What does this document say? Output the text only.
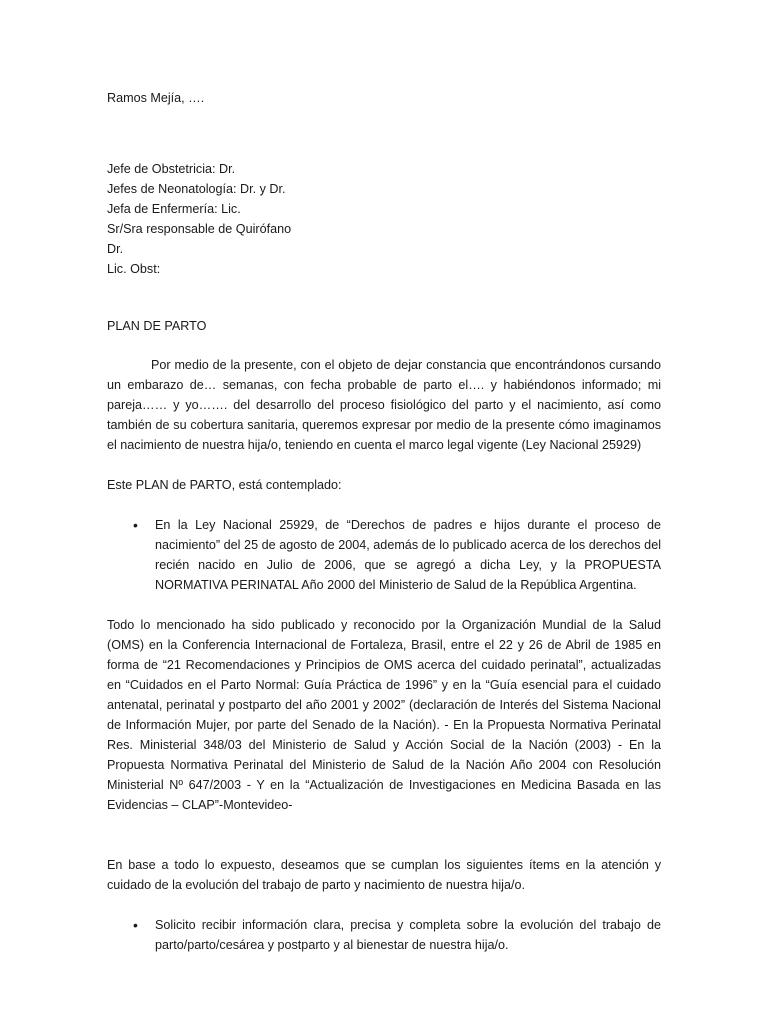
Ramos Mejía, ….
Jefe de Obstetricia: Dr.
Jefes de Neonatología: Dr. y Dr.
Jefa de Enfermería: Lic.
Sr/Sra responsable de Quirófano
Dr.
Lic. Obst:
PLAN DE PARTO

Por medio de la presente, con el objeto de dejar constancia que encontrándonos cursando un embarazo de… semanas, con fecha probable de parto el…. y habiéndonos informado; mi pareja…… y yo……. del desarrollo del proceso fisiológico del parto y el nacimiento, así como también de su cobertura sanitaria, queremos expresar por medio de la presente cómo imaginamos el nacimiento de nuestra hija/o, teniendo en cuenta el marco legal vigente (Ley Nacional 25929)

Este PLAN de PARTO, está contemplado:

• En la Ley Nacional 25929, de “Derechos de padres e hijos durante el proceso de nacimiento” del 25 de agosto de 2004, además de lo publicado acerca de los derechos del recién nacido en Julio de 2006, que se agregó a dicha Ley, y la PROPUESTA NORMATIVA PERINATAL Año 2000 del Ministerio de Salud de la República Argentina.

Todo lo mencionado ha sido publicado y reconocido por la Organización Mundial de la Salud (OMS) en la Conferencia Internacional de Fortaleza, Brasil, entre el 22 y 26 de Abril de 1985 en forma de “21 Recomendaciones y Principios de OMS acerca del cuidado perinatal”, actualizadas en “Cuidados en el Parto Normal: Guía Práctica de 1996” y en la “Guía esencial para el cuidado antenatal, perinatal y postparto del año 2001 y 2002” (declaración de Interés del Sistema Nacional de Información Mujer, por parte del Senado de la Nación). - En la Propuesta Normativa Perinatal Res. Ministerial 348/03 del Ministerio de Salud y Acción Social de la Nación (2003) - En la Propuesta Normativa Perinatal del Ministerio de Salud de la Nación Año 2004 con Resolución Ministerial Nº 647/2003 - Y en la “Actualización de Investigaciones en Medicina Basada en las Evidencias – CLAP”-Montevideo-

En base a todo lo expuesto, deseamos que se cumplan los siguientes ítems en la atención y cuidado de la evolución del trabajo de parto y nacimiento de nuestra hija/o.

• Solicito recibir información clara, precisa y completa sobre la evolución del trabajo de parto/parto/cesárea y postparto y al bienestar de nuestra hija/o.
